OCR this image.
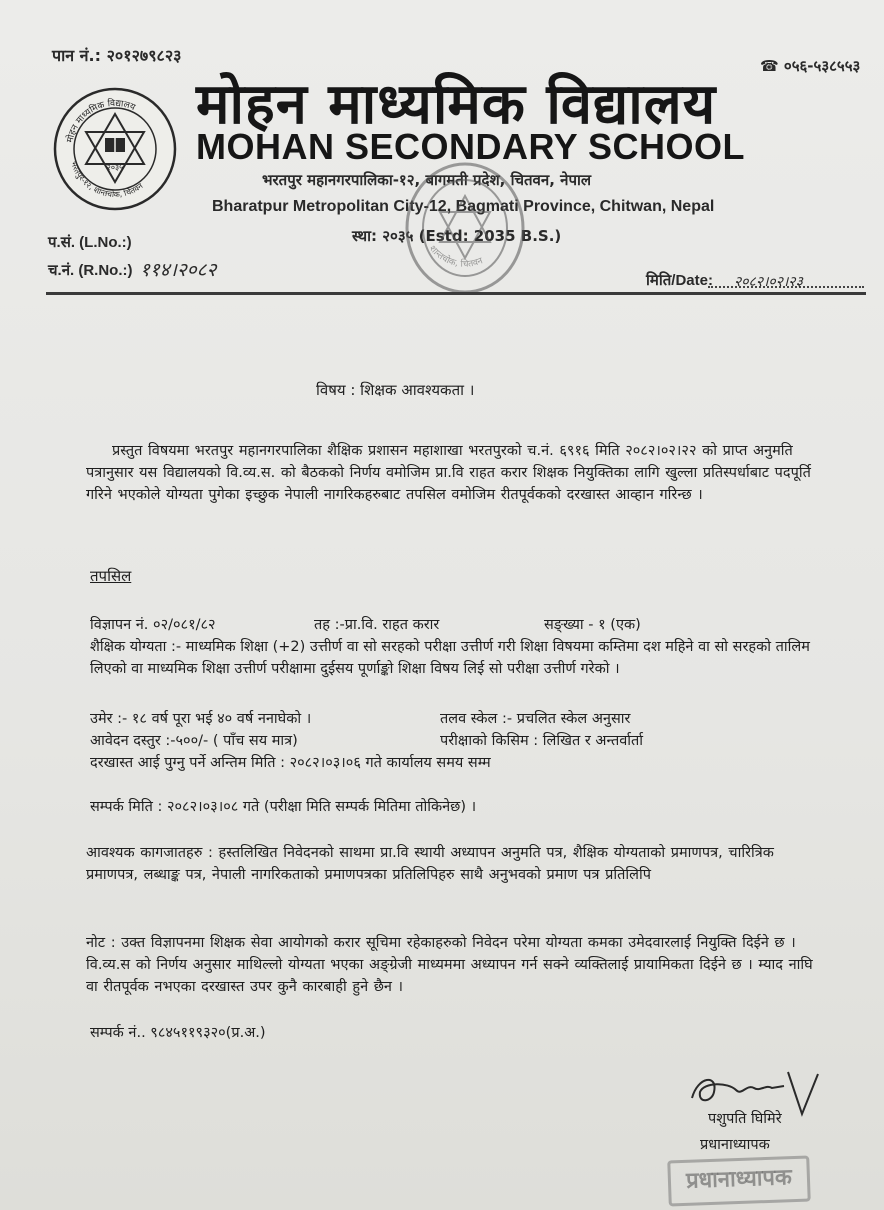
पान नं.: २०१२७९८२३
☎ ०५६-५३८५५३
मोहन माध्यमिक विद्यालय
भरतपुर-१२, शान्तचोक, चितवन
२०३५
मोहन माध्यमिक विद्यालय
MOHAN SECONDARY SCHOOL
भरतपुर महानगरपालिका-१२, बागमती प्रदेश, चितवन, नेपाल
Bharatpur Metropolitan City-12, Bagmati Province, Chitwan, Nepal
स्था: २०३५ (Estd: 2035 B.S.)
शान्तचोक, चितवन
प.सं. (L.No.:)
च.नं. (R.No.:) ११४।२०८२	मिति/Date: २०८२।०२।२३
विषय : शिक्षक आवश्यकता ।
प्रस्तुत विषयमा भरतपुर महानगरपालिका शैक्षिक प्रशासन महाशाखा भरतपुरको च.नं. ६९१६ मिति २०८२।०२।२२ को प्राप्त अनुमति पत्रानुसार यस विद्यालयको वि.व्य.स. को बैठकको निर्णय वमोजिम प्रा.वि राहत करार शिक्षक नियुक्तिका लागि खुल्ला प्रतिस्पर्धाबाट पदपूर्ति गरिने भएकोले योग्यता पुगेका इच्छुक नेपाली नागरिकहरुबाट तपसिल वमोजिम रीतपूर्वकको दरखास्त आव्हान गरिन्छ ।
तपसिल
विज्ञापन नं. ०२/०८१/८२	तह :-प्रा.वि. राहत करार	सङ्ख्या - १ (एक)
शैक्षिक योग्यता :- माध्यमिक शिक्षा (+2) उत्तीर्ण वा सो सरहको परीक्षा उत्तीर्ण गरी शिक्षा विषयमा कम्तिमा दश महिने वा सो सरहको तालिम लिएको वा माध्यमिक शिक्षा उत्तीर्ण परीक्षामा दुईसय पूर्णाङ्को शिक्षा विषय लिई सो परीक्षा उत्तीर्ण गरेको ।
उमेर :- १८ वर्ष पूरा भई ४० वर्ष ननाघेको ।	तलव स्केल :- प्रचलित स्केल अनुसार
आवेदन दस्तुर :-५००/- ( पाँच सय मात्र)	परीक्षाको किसिम : लिखित र अन्तर्वार्ता
दरखास्त आई पुग्नु पर्ने अन्तिम मिति : २०८२।०३।०६ गते कार्यालय समय सम्म
सम्पर्क मिति : २०८२।०३।०८ गते (परीक्षा मिति सम्पर्क मितिमा तोकिनेछ) ।
आवश्यक कागजातहरु : हस्तलिखित निवेदनको साथमा प्रा.वि स्थायी अध्यापन अनुमति पत्र, शैक्षिक योग्यताको प्रमाणपत्र, चारित्रिक प्रमाणपत्र, लब्धाङ्क पत्र, नेपाली नागरिकताको प्रमाणपत्रका प्रतिलिपिहरु साथै अनुभवको प्रमाण पत्र प्रतिलिपि
नोट : उक्त विज्ञापनमा शिक्षक सेवा आयोगको करार सूचिमा रहेकाहरुको निवेदन परेमा योग्यता कमका उमेदवारलाई नियुक्ति दिईने छ । वि.व्य.स को निर्णय अनुसार माथिल्लो योग्यता भएका अङ्ग्रेजी माध्यममा अध्यापन गर्न सक्ने व्यक्तिलाई प्रायामिकता दिईने छ । म्याद नाघि वा रीतपूर्वक नभएका दरखास्त उपर कुनै कारबाही हुने छैन ।
सम्पर्क नं.. ९८४५११९३२०(प्र.अ.)
पशुपति घिमिरे
प्रधानाध्यापक
प्रधानाध्यापक
